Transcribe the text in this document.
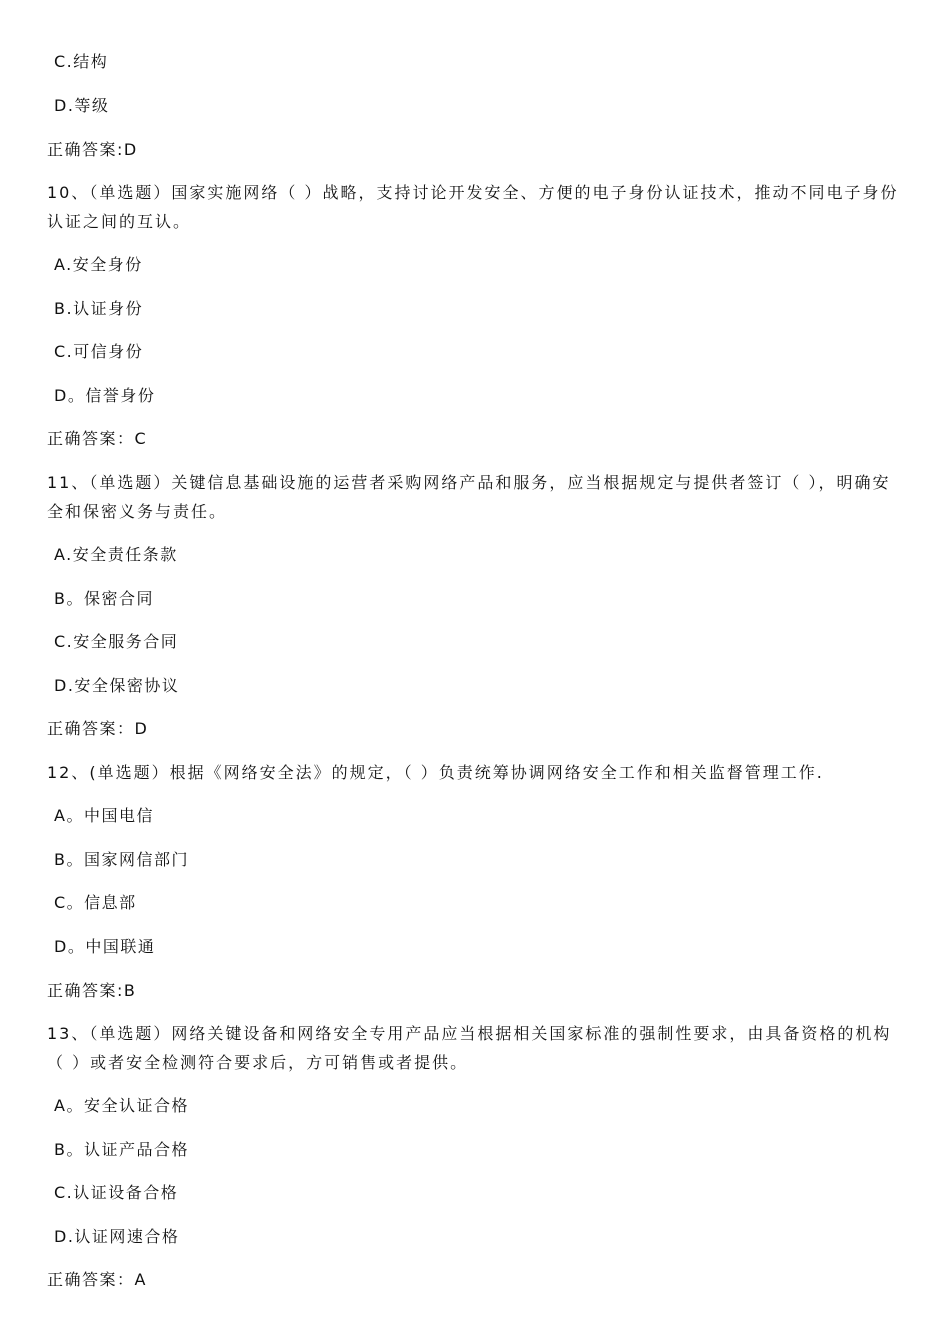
C.结构
D.等级
正确答案:D
10、（单选题）国家实施网络（ ）战略，支持讨论开发安全、方便的电子身份认证技术，推动不同电子身份认证之间的互认。
A.安全身份
B.认证身份
C.可信身份
D。信誉身份
正确答案：C
11、（单选题）关键信息基础设施的运营者采购网络产品和服务，应当根据规定与提供者签订（ ），明确安全和保密义务与责任。
A.安全责任条款
B。保密合同
C.安全服务合同
D.安全保密协议
正确答案：D
12、(单选题）根据《网络安全法》的规定，（ ）负责统筹协调网络安全工作和相关监督管理工作.
A。中国电信
B。国家网信部门
C。信息部
D。中国联通
正确答案:B
13、（单选题）网络关键设备和网络安全专用产品应当根据相关国家标准的强制性要求，由具备资格的机构（ ）或者安全检测符合要求后，方可销售或者提供。
A。安全认证合格
B。认证产品合格
C.认证设备合格
D.认证网速合格
正确答案：A
